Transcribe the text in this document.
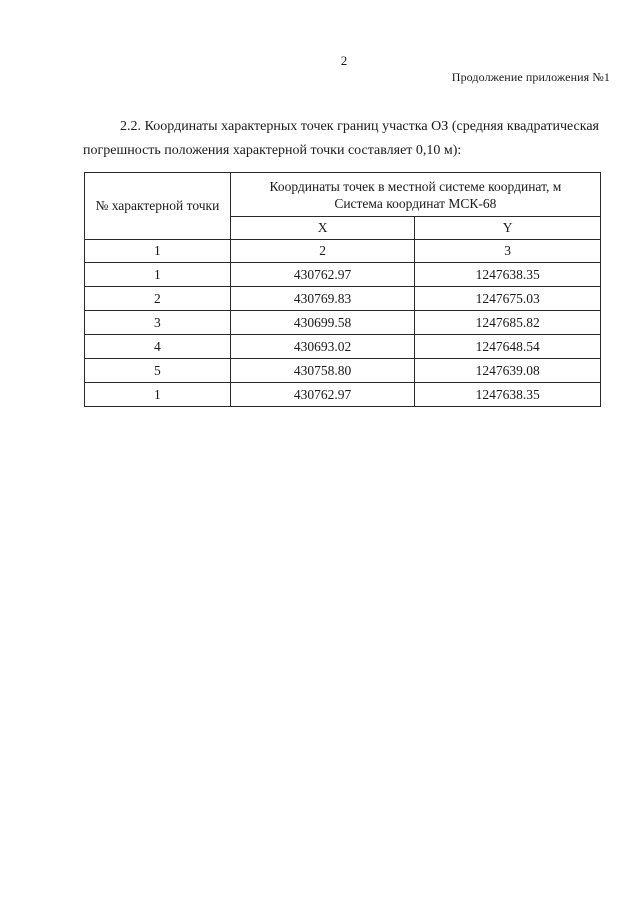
2
Продолжение приложения №1

2.2. Координаты характерных точек границ участка ОЗ (средняя квадратическая погрешность положения характерной точки составляет 0,10 м):

№ характерной точки	Координаты точек в местной системе координат, м
Система координат МСК-68	
	X	Y
1	2	3
1	430762.97	1247638.35
2	430769.83	1247675.03
3	430699.58	1247685.82
4	430693.02	1247648.54
5	430758.80	1247639.08
1	430762.97	1247638.35
